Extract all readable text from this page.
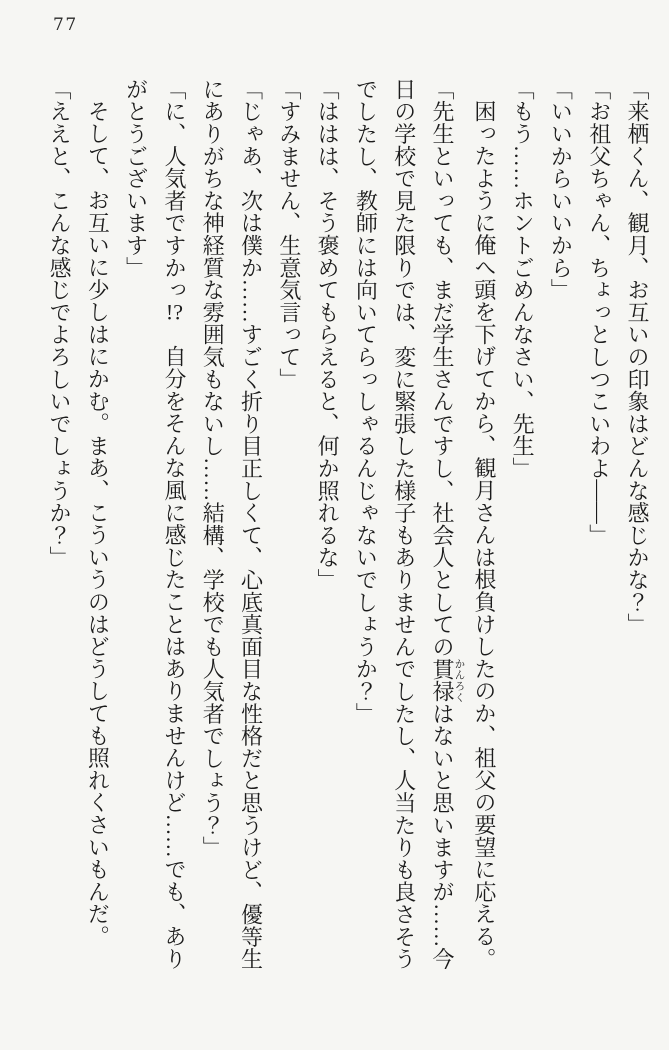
77

「来栖くん、観月、お互いの印象はどんな感じかな？」

「お祖父ちゃん、ちょっとしつこいわよ――」

「いいからいいから」

「もう……ホントごめんなさい、先生」

困ったように俺へ頭を下げてから、観月さんは根負けしたのか、祖父の要望に応える。

「先生といっても、まだ学生さんですし、社会人としての貫禄かんろくはないと思いますが……今

日の学校で見た限りでは、変に緊張した様子もありませんでしたし、人当たりも良さそう

でしたし、教師には向いてらっしゃるんじゃないでしょうか？」

「ははは、そう褒めてもらえると、何か照れるな」

「すみません、生意気言って」

「じゃあ、次は僕か……すごく折り目正しくて、心底真面目な性格だと思うけど、優等生

にありがちな神経質な雰囲気もないし……結構、学校でも人気者でしょう？」

「に、人気者ですかっ!?　自分をそんな風に感じたことはありませんけど……でも、あり

がとうございます」

そして、お互いに少しはにかむ。まあ、こういうのはどうしても照れくさいもんだ。

「ええと、こんな感じでよろしいでしょうか？」
